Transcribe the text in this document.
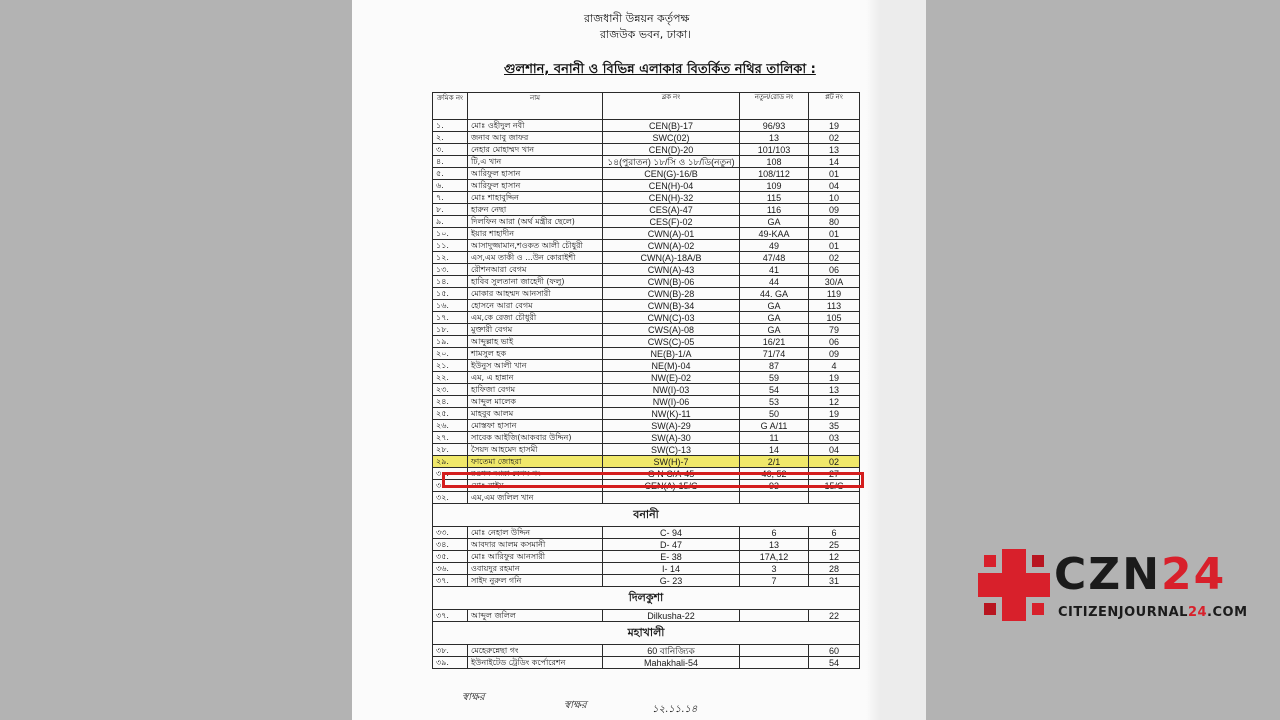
রাজধানী উন্নয়ন কর্তৃপক্ষ
রাজউক ভবন, ঢাকা।
গুলশান, বনানী ও বিভিন্ন এলাকার বিতর্কিত নথির তালিকা :
ক্রমিক নং	নাম	ব্লক নং	নতুন/রোড নং	প্লট নং
১.	মোঃ ওহীদুল নবী	CEN(B)-17	96/93	19
২.	জনাব আবু জাফর	SWC(02)	13	02
৩.	নেহার মোহাম্মদ খান	CEN(D)-20	101/103	13
৪.	টি,এ খান	১৪(পুরাতন) ১৮/সি ও ১৮/ডি(নতুন)	108	14
৫.	আরিফুল হাসান	CEN(G)-16/B	108/112	01
৬.	আরিফুল হাসান	CEN(H)-04	109	04
৭.	মোঃ শাহাবুদ্দিন	CEN(H)-32	115	10
৮.	হারুন নেছা	CES(A)-47	116	09
৯.	দিলফিন আরা (অর্থ মন্ত্রীর ছেলে)	CES(F)-02	GA	80
১০.	ইয়ার শাহাদীন	CWN(A)-01	49-KAA	01
১১.	আসাদুজ্জামান,শওকত আলী চৌধুরী	CWN(A)-02	49	01
১২.	এস,এম তাকী ও ...উন কোরাইশী	CWN(A)-18A/B	47/48	02
১৩.	রৌশনআরা বেগম	CWN(A)-43	41	06
১৪.	হাবিব সুলতানা জাহেদী (ফলু)	CWN(B)-06	44	30/A
১৫.	মোকার আহম্মদ আনসারী	CWN(B)-28	44. GA	119
১৬.	হোসনে আরা বেগম	CWN(B)-34	GA	113
১৭.	এম,কে রেজা চৌধুরী	CWN(C)-03	GA	105
১৮.	মুক্তারী বেগম	CWS(A)-08	GA	79
১৯.	আব্দুল্লাহ ভাই	CWS(C)-05	16/21	06
২০.	শামসুল হক	NE(B)-1/A	71/74	09
২১.	ইউনুস আলী খান	NE(M)-04	87	4
২২.	এম, এ হান্নান	NW(E)-02	59	19
২৩.	হাফিজা বেগম	NW(I)-03	54	13
২৪.	আব্দুল মালেক	NW(I)-06	53	12
২৫.	মাহবুব আলম	NW(K)-11	50	19
২৬.	মোস্তফা হাসান	SW(A)-29	G A/11	35
২৭.	সাবেক আইজি(আকবার উদ্দিন)	SW(A)-30	11	03
২৮.	সৈয়দ আহমেদ হাসমী	SW(C)-13	14	04
২৯.	ফাতেমা জোহরা	SW(H)-7	2/1	02
৩০.	রওশন আরা বেগম গং	G N C/A-45	46, 52	27
৩১.	মোঃ নাইম	CEN(A)-15/C	93	15/C
৩২.	এম,এম জলিল খান			
বনানী				
৩৩.	মোঃ নেহাল উদ্দিন	C- 94	6	6
৩৪.	আবদার আলম কসমানী	D- 47	13	25
৩৫.	মোঃ আরিফুর আনসারী	E- 38	17A,12	12
৩৬.	ওবায়দুর রহমান	I- 14	3	28
৩৭.	সাইদ নুরুল গনি	G- 23	7	31
দিলকুশা				
৩৭.	আব্দুল জলিল	Dilkusha-22		22
মহাখালী				
৩৮.	মেহেরুন্নেছা গং	60 বানিজ্যিক		60
৩৯.	ইউনাইটেড ট্রেডিং কর্পোরেশন	Mahakhali-54		54
স্বাক্ষর
স্বাক্ষর	১২.১১.১৪
CZN24
CITIZENJOURNAL24.COM
